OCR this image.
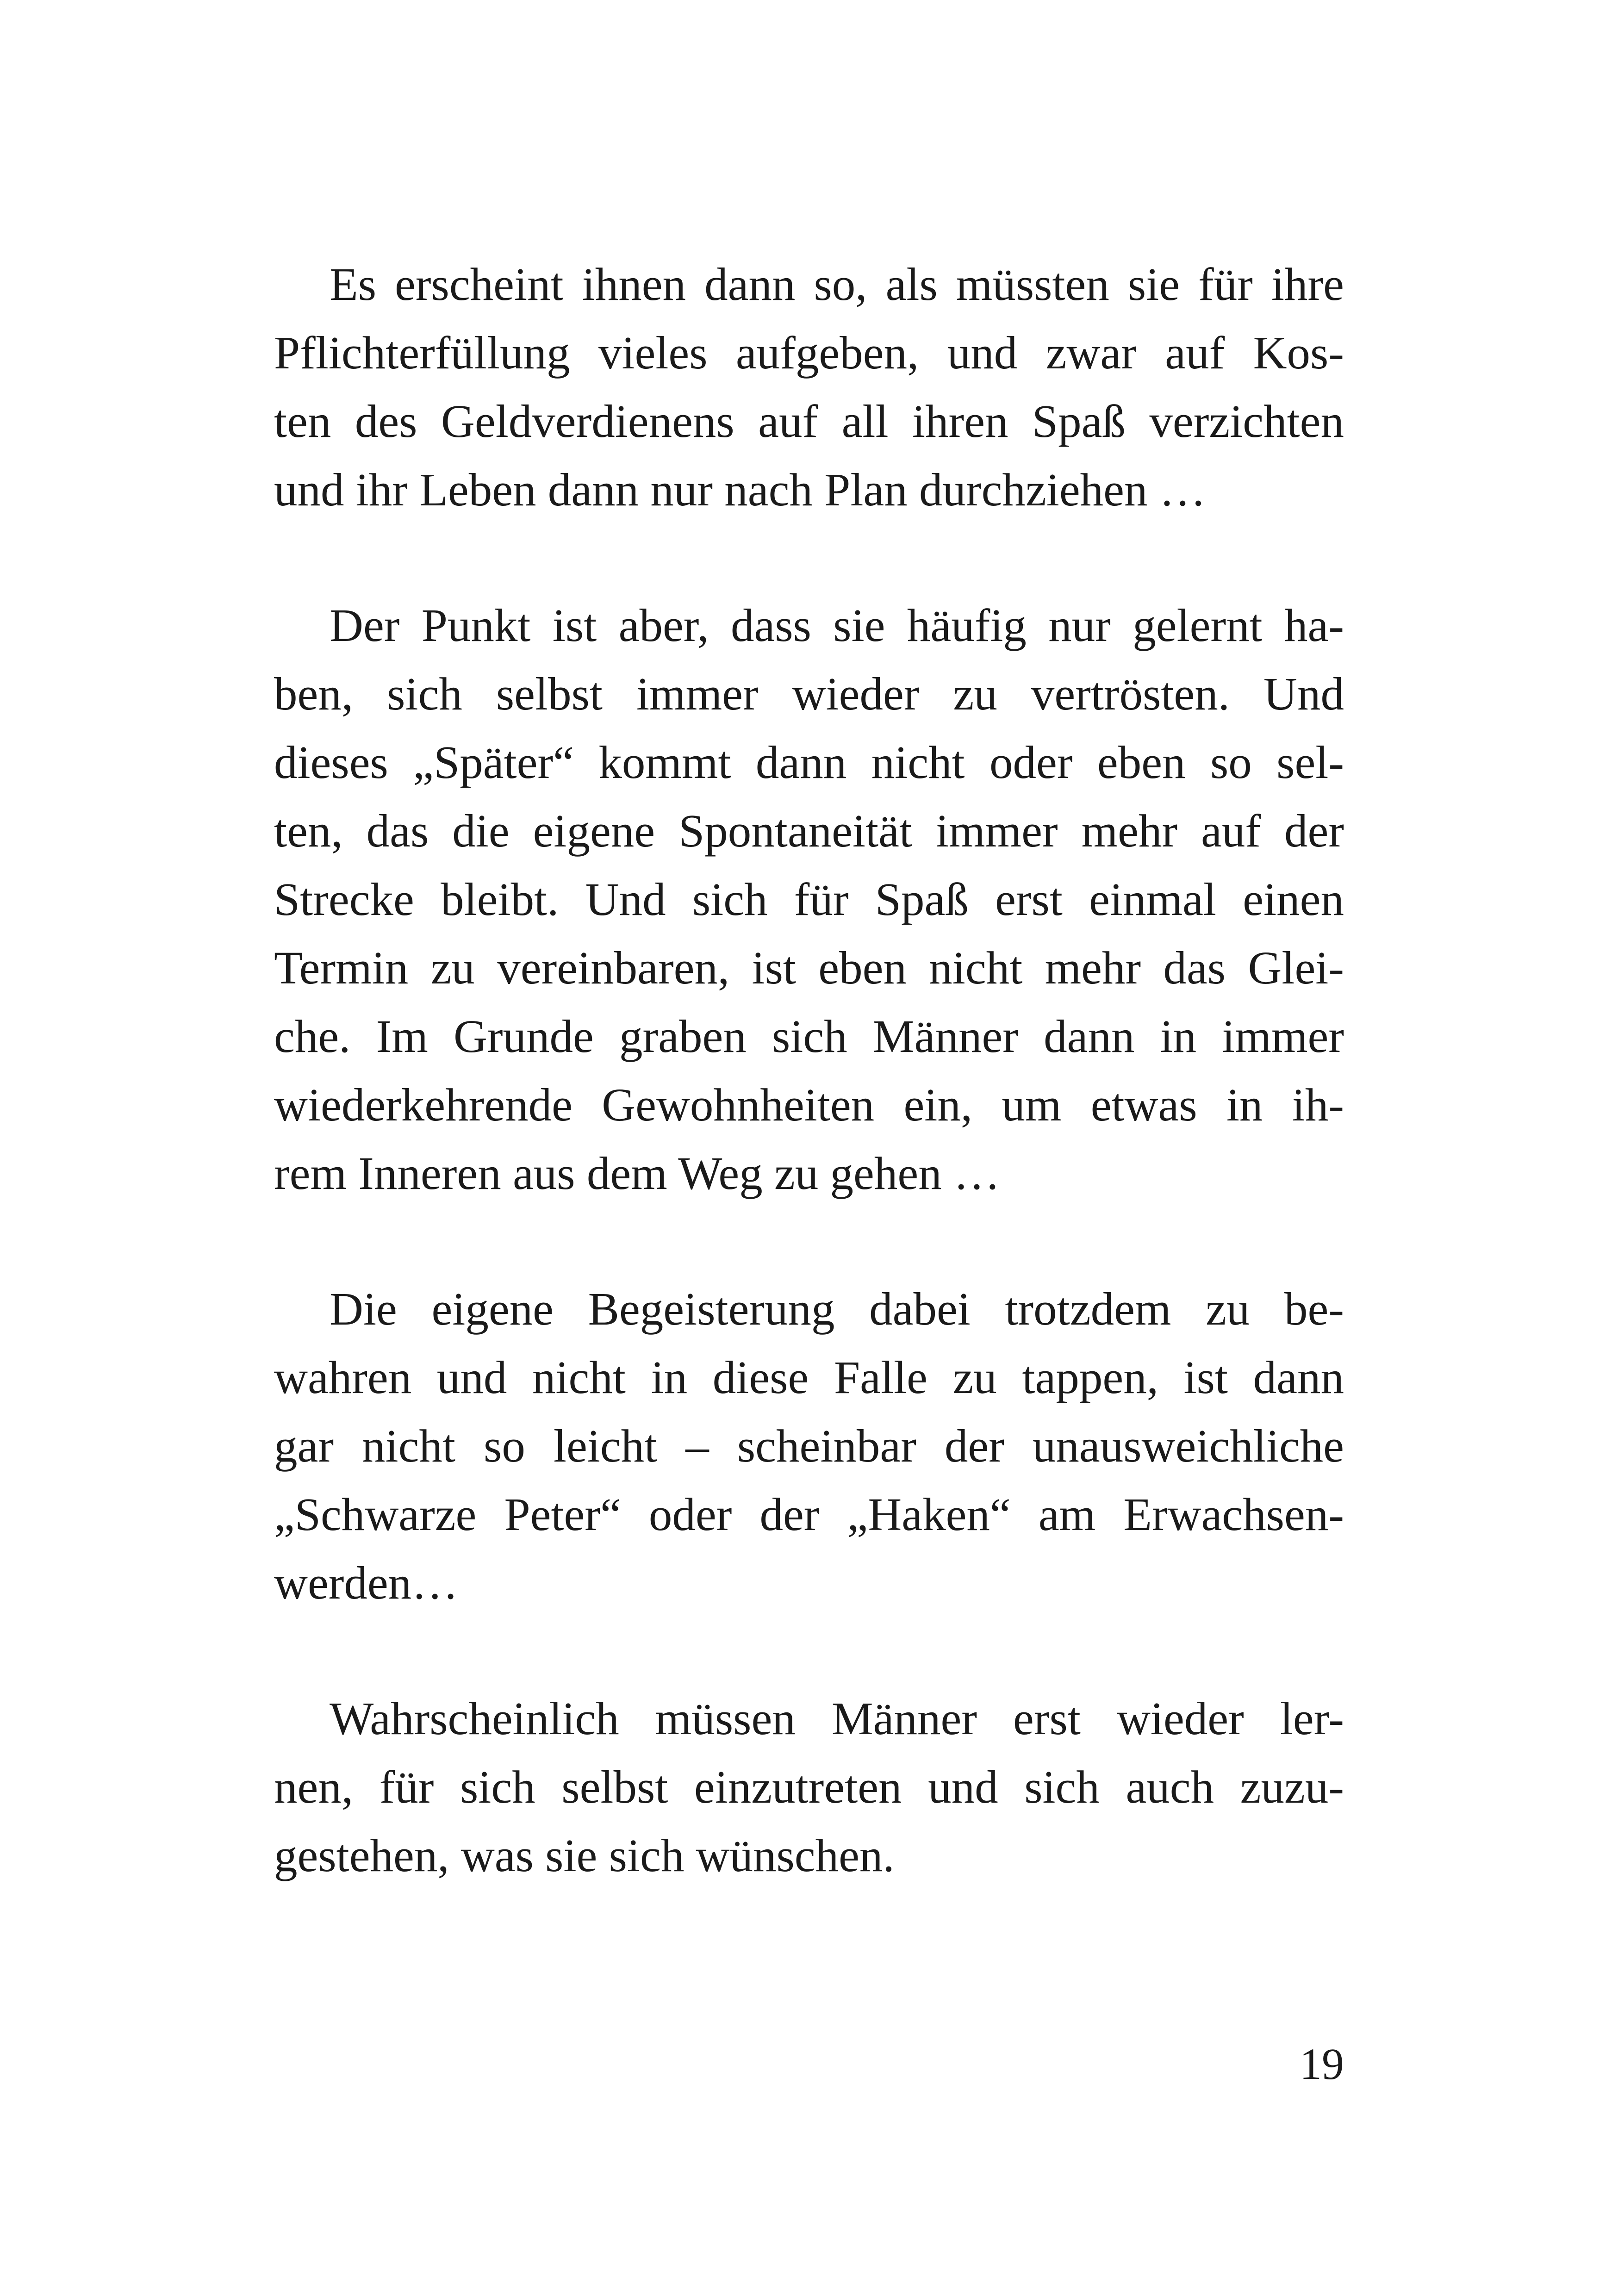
Es erscheint ihnen dann so, als müssten sie für ihre
Pflichterfüllung vieles aufgeben, und zwar auf Kos-
ten des Geldverdienens auf all ihren Spaß verzichten
und ihr Leben dann nur nach Plan durchziehen …
Der Punkt ist aber, dass sie häufig nur gelernt ha-
ben, sich selbst immer wieder zu vertrösten. Und
dieses „Später“ kommt dann nicht oder eben so sel-
ten, das die eigene Spontaneität immer mehr auf der
Strecke bleibt. Und sich für Spaß erst einmal einen
Termin zu vereinbaren, ist eben nicht mehr das Glei-
che. Im Grunde graben sich Männer dann in immer
wiederkehrende Gewohnheiten ein, um etwas in ih-
rem Inneren aus dem Weg zu gehen …
Die eigene Begeisterung dabei trotzdem zu be-
wahren und nicht in diese Falle zu tappen, ist dann
gar nicht so leicht – scheinbar der unausweichliche
„Schwarze Peter“ oder der „Haken“ am Erwachsen-
werden…
Wahrscheinlich müssen Männer erst wieder ler-
nen, für sich selbst einzutreten und sich auch zuzu-
gestehen, was sie sich wünschen.
19
